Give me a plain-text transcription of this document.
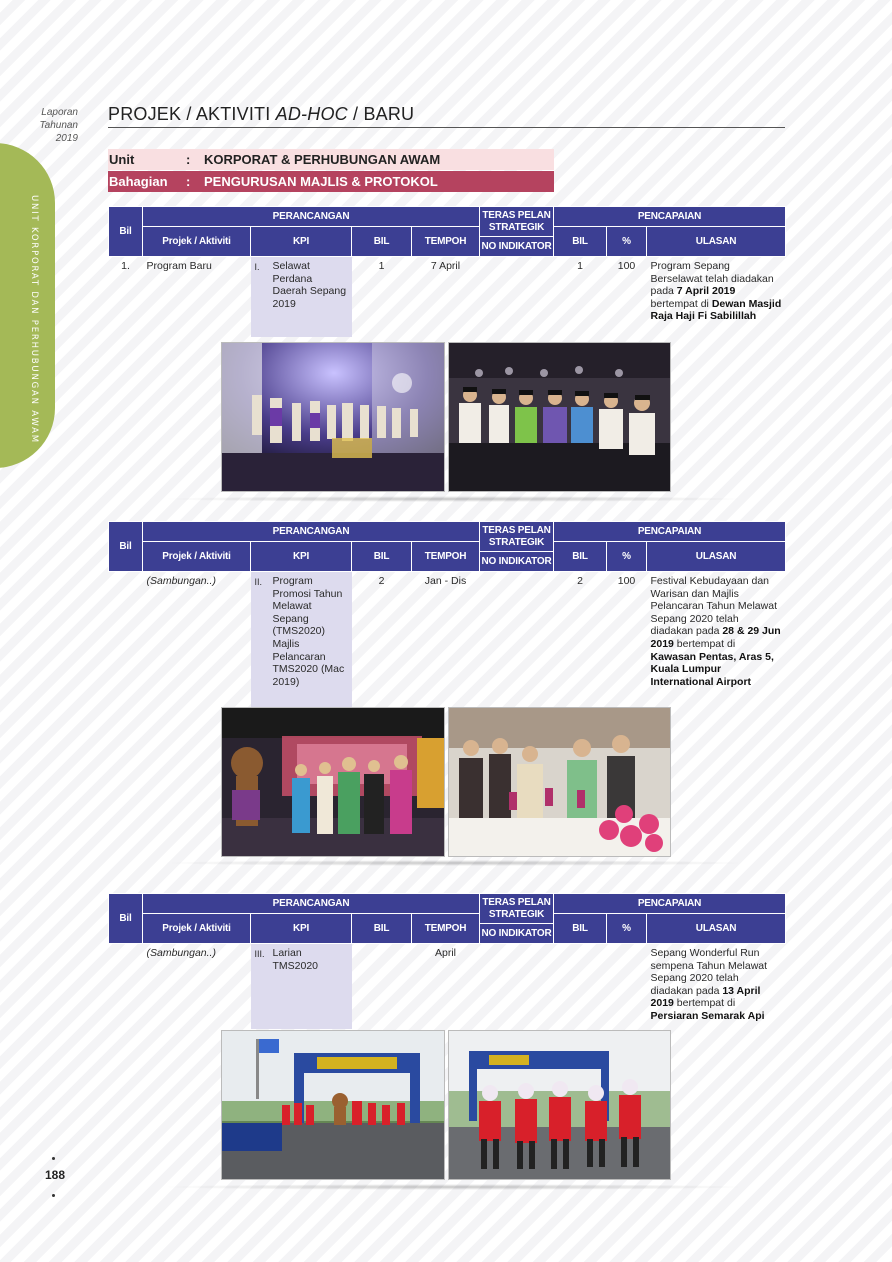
UNIT KORPORAT DAN PERHUBUNGAN AWAM
Laporan
Tahunan
2019
PROJEK / AKTIVITI AD-HOC / BARU
Unit	:	KORPORAT & PERHUBUNGAN AWAM
Bahagian	:	PENGURUSAN MAJLIS & PROTOKOL
Bil	PERANCANGAN				TERAS PELAN STRATEGIK
NO INDIKATOR	PENCAPAIAN		
	Projek / Aktiviti	KPI	BIL	TEMPOH		BIL	%	ULASAN
1.	Program Baru	I. Selawat Perdana Daerah Sepang 2019	1	7 April		1	100	Program Sepang Berselawat telah diadakan pada 7 April 2019 bertempat di Dewan Masjid Raja Haji Fi Sabilillah
Bil	PERANCANGAN				TERAS PELAN STRATEGIK
NO INDIKATOR	PENCAPAIAN		
	Projek / Aktiviti	KPI	BIL	TEMPOH		BIL	%	ULASAN
	(Sambungan..)	II. Program Promosi Tahun Melawat Sepang (TMS2020) Majlis Pelancaran TMS2020 (Mac 2019)	2	Jan - Dis		2	100	Festival Kebudayaan dan Warisan dan Majlis Pelancaran Tahun Melawat Sepang 2020 telah diadakan pada 28 & 29 Jun 2019 bertempat di Kawasan Pentas, Aras 5, Kuala Lumpur International Airport
Bil	PERANCANGAN				TERAS PELAN STRATEGIK
NO INDIKATOR	PENCAPAIAN		
	Projek / Aktiviti	KPI	BIL	TEMPOH		BIL	%	ULASAN
	(Sambungan..)	III. Larian TMS2020		April				Sepang Wonderful Run sempena Tahun Melawat Sepang 2020 telah diadakan pada 13 April 2019 bertempat di Persiaran Semarak Api
188
